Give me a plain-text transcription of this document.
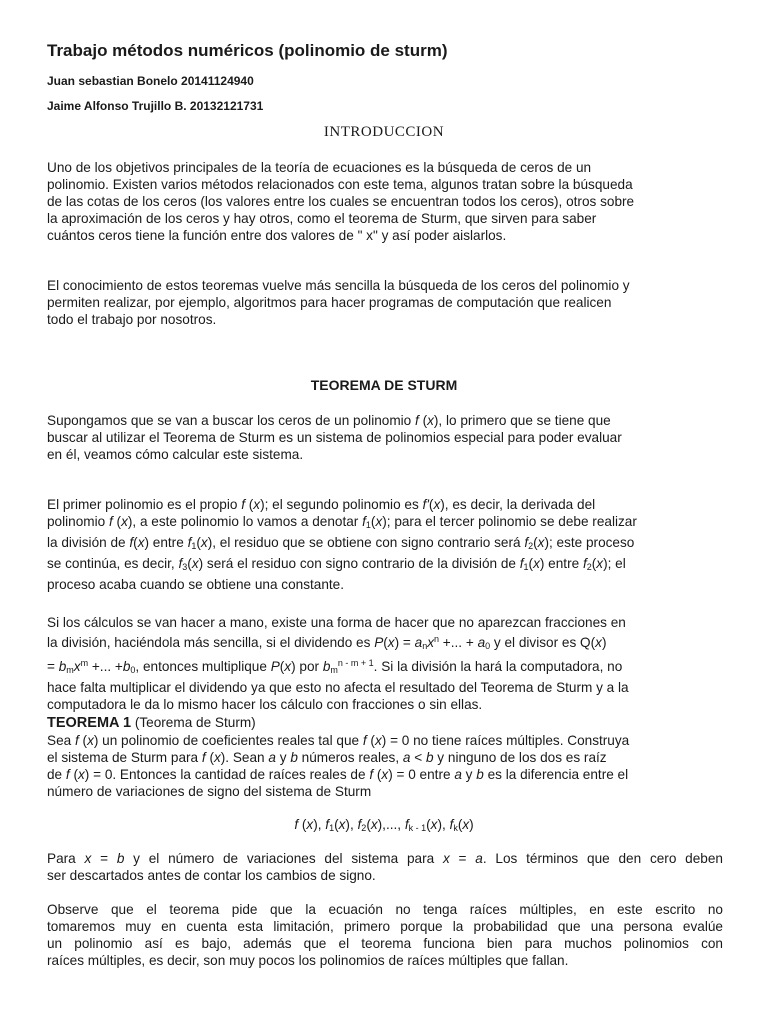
Trabajo métodos numéricos (polinomio de sturm)
Juan sebastian Bonelo 20141124940
Jaime Alfonso Trujillo B. 20132121731
INTRODUCCION
Uno de los objetivos principales de la teoría de ecuaciones es la búsqueda de ceros de un
polinomio. Existen varios métodos relacionados con este tema, algunos tratan sobre la búsqueda
de las cotas de los ceros (los valores entre los cuales se encuentran todos los ceros), otros sobre
la aproximación de los ceros y hay otros, como el teorema de Sturm, que sirven para saber
cuántos ceros tiene la función entre dos valores de " x" y así poder aislarlos.
El conocimiento de estos teoremas vuelve más sencilla la búsqueda de los ceros del polinomio y
permiten realizar, por ejemplo, algoritmos para hacer programas de computación que realicen
todo el trabajo por nosotros.
TEOREMA DE STURM
Supongamos que se van a buscar los ceros de un polinomio f (x), lo primero que se tiene que
buscar al utilizar el Teorema de Sturm es un sistema de polinomios especial para poder evaluar
en él, veamos cómo calcular este sistema.
El primer polinomio es el propio f (x); el segundo polinomio es f'(x), es decir, la derivada del
polinomio f (x), a este polinomio lo vamos a denotar $f_1(x)$; para el tercer polinomio se debe realizar
la división de f(x) entre $f_1(x)$, el residuo que se obtiene con signo contrario será $f_2(x)$; este proceso
se continúa, es decir, $f_3(x)$ será el residuo con signo contrario de la división de $f_1(x)$ entre $f_2(x)$; el
proceso acaba cuando se obtiene una constante.
Si los cálculos se van hacer a mano, existe una forma de hacer que no aparezcan fracciones en
la división, haciéndola más sencilla, si el dividendo es $P(x) = a_nx^n$ +... + $a_0$ y el divisor es Q(x)
= $b_mx^m$ +... $+b_0$, entonces multiplique P(x) por $b_m^{n - m + 1}$. Si la división la hará la computadora, no
hace falta multiplicar el dividendo ya que esto no afecta el resultado del Teorema de Sturm y a la
computadora le da lo mismo hacer los cálculo con fracciones o sin ellas.
TEOREMA 1 (Teorema de Sturm)
Sea f (x) un polinomio de coeficientes reales tal que f (x) = 0 no tiene raíces múltiples. Construya
el sistema de Sturm para f (x). Sean a y b números reales, a < b y ninguno de los dos es raíz
de f (x) = 0. Entonces la cantidad de raíces reales de f (x) = 0 entre a y b es la diferencia entre el
número de variaciones de signo del sistema de Sturm
f (x), $f_1(x)$, $f_2(x)$,..., $f_{k - 1}(x)$, $f_k(x)$
Para x = b y el número de variaciones del sistema para x = a. Los términos que den cero deben
ser descartados antes de contar los cambios de signo.
Observe que el teorema pide que la ecuación no tenga raíces múltiples, en este escrito no
tomaremos muy en cuenta esta limitación, primero porque la probabilidad que una persona evalúe
un polinomio así es bajo, además que el teorema funciona bien para muchos polinomios con
raíces múltiples, es decir, son muy pocos los polinomios de raíces múltiples que fallan.
